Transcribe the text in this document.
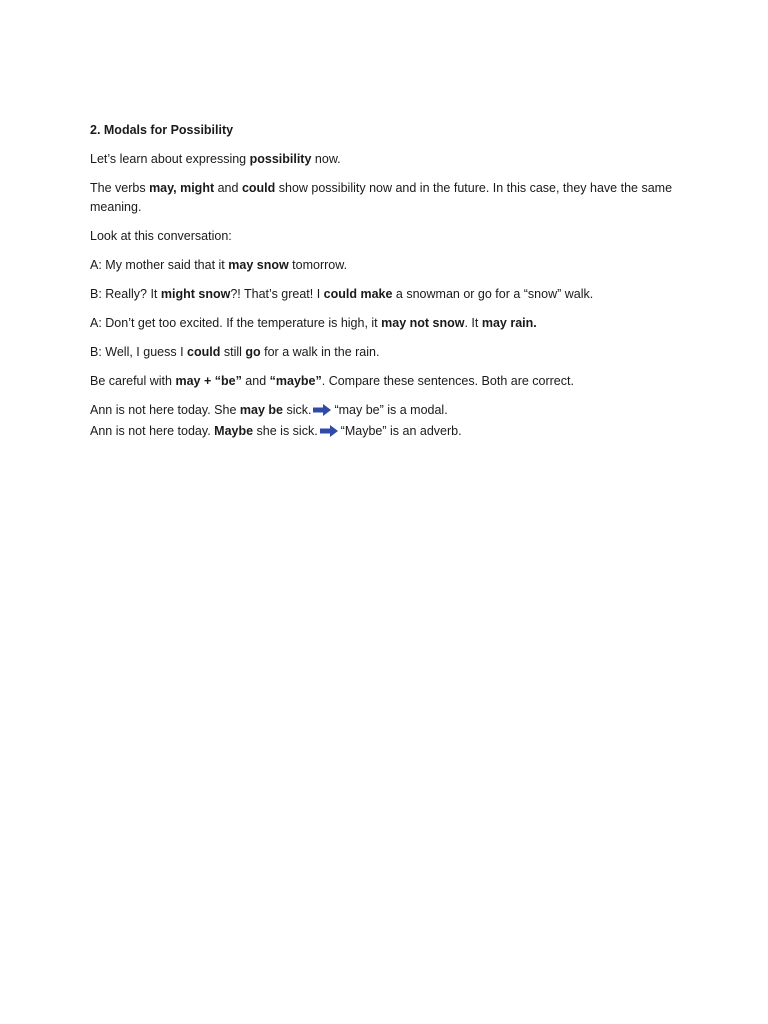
2. Modals for Possibility

Let’s learn about expressing possibility now.

The verbs may, might and could show possibility now and in the future. In this case, they have the same meaning.

Look at this conversation:

A: My mother said that it may snow tomorrow.

B: Really? It might snow?! That’s great! I could make a snowman or go for a “snow” walk.

A: Don’t get too excited. If the temperature is high, it may not snow. It may rain.

B: Well, I guess I could still go for a walk in the rain.

Be careful with may + “be” and “maybe”. Compare these sentences. Both are correct.

Ann is not here today. She may be sick. “may be” is a modal.
Ann is not here today. Maybe she is sick. “Maybe” is an adverb.
